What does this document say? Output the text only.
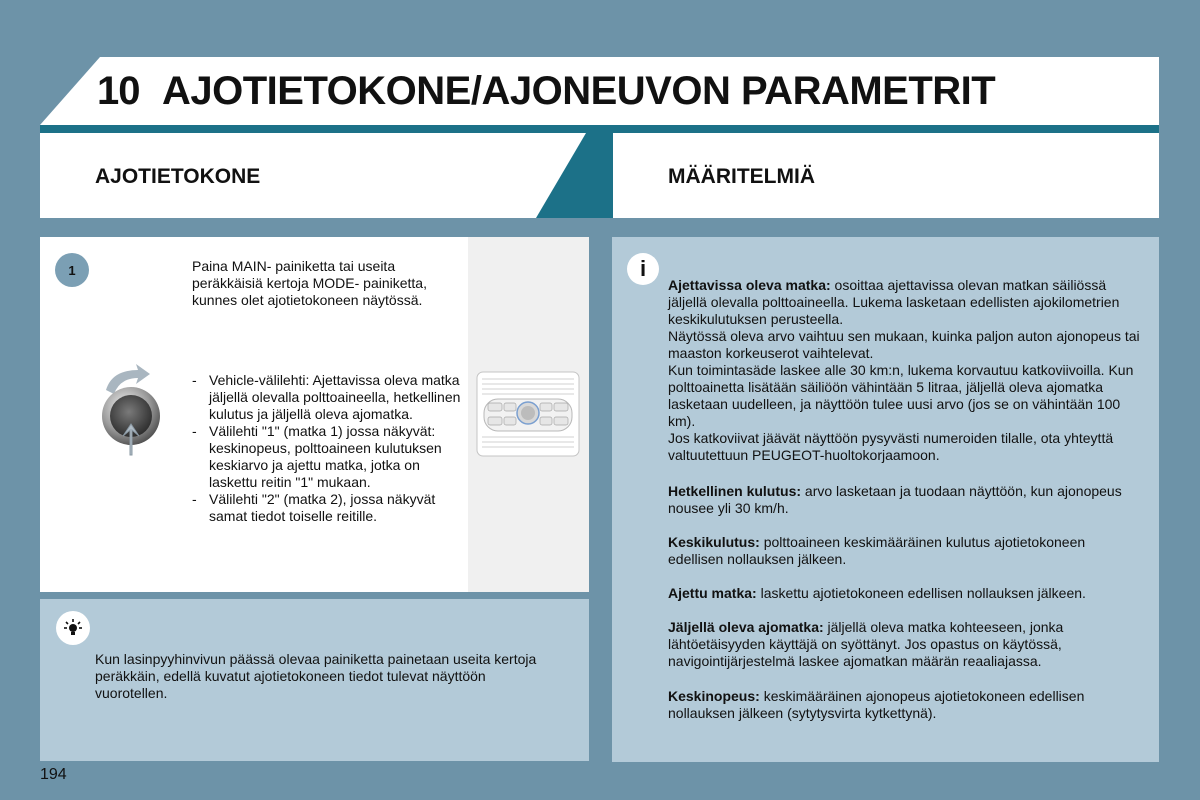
10 AJOTIETOKONE/AJONEUVON PARAMETRIT
AJOTIETOKONE	MÄÄRITELMIÄ
1	Paina MAIN- painiketta tai useita peräkkäisiä kertoja MODE- painiketta, kunnes olet ajotietokoneen näytössä.
- Vehicle-välilehti: Ajettavissa oleva matka jäljellä olevalla polttoaineella, hetkellinen kulutus ja jäljellä oleva ajomatka.
- Välilehti "1" (matka 1) jossa näkyvät: keskinopeus, polttoaineen kulutuksen keskiarvo ja ajettu matka, jotka on laskettu reitin "1" mukaan.
- Välilehti "2" (matka 2), jossa näkyvät samat tiedot toiselle reitille.
Kun lasinpyyhinvivun päässä olevaa painiketta painetaan useita kertoja peräkkäin, edellä kuvatut ajotietokoneen tiedot tulevat näyttöön vuorotellen.
i
Ajettavissa oleva matka: osoittaa ajettavissa olevan matkan säiliössä jäljellä olevalla polttoaineella. Lukema lasketaan edellisten ajokilometrien keskikulutuksen perusteella.
Näytössä oleva arvo vaihtuu sen mukaan, kuinka paljon auton ajonopeus tai maaston korkeuserot vaihtelevat.
Kun toimintasäde laskee alle 30 km:n, lukema korvautuu katkoviivoilla. Kun polttoainetta lisätään säiliöön vähintään 5 litraa, jäljellä oleva ajomatka lasketaan uudelleen, ja näyttöön tulee uusi arvo (jos se on vähintään 100 km).
Jos katkoviivat jäävät näyttöön pysyvästi numeroiden tilalle, ota yhteyttä valtuutettuun PEUGEOT-huoltokorjaamoon.
Hetkellinen kulutus: arvo lasketaan ja tuodaan näyttöön, kun ajonopeus nousee yli 30 km/h.
Keskikulutus: polttoaineen keskimääräinen kulutus ajotietokoneen edellisen nollauksen jälkeen.
Ajettu matka: laskettu ajotietokoneen edellisen nollauksen jälkeen.
Jäljellä oleva ajomatka: jäljellä oleva matka kohteeseen, jonka lähtöetäisyyden käyttäjä on syöttänyt. Jos opastus on käytössä, navigointijärjestelmä laskee ajomatkan määrän reaaliajassa.
Keskinopeus: keskimääräinen ajonopeus ajotietokoneen edellisen nollauksen jälkeen (sytytysvirta kytkettynä).
194
